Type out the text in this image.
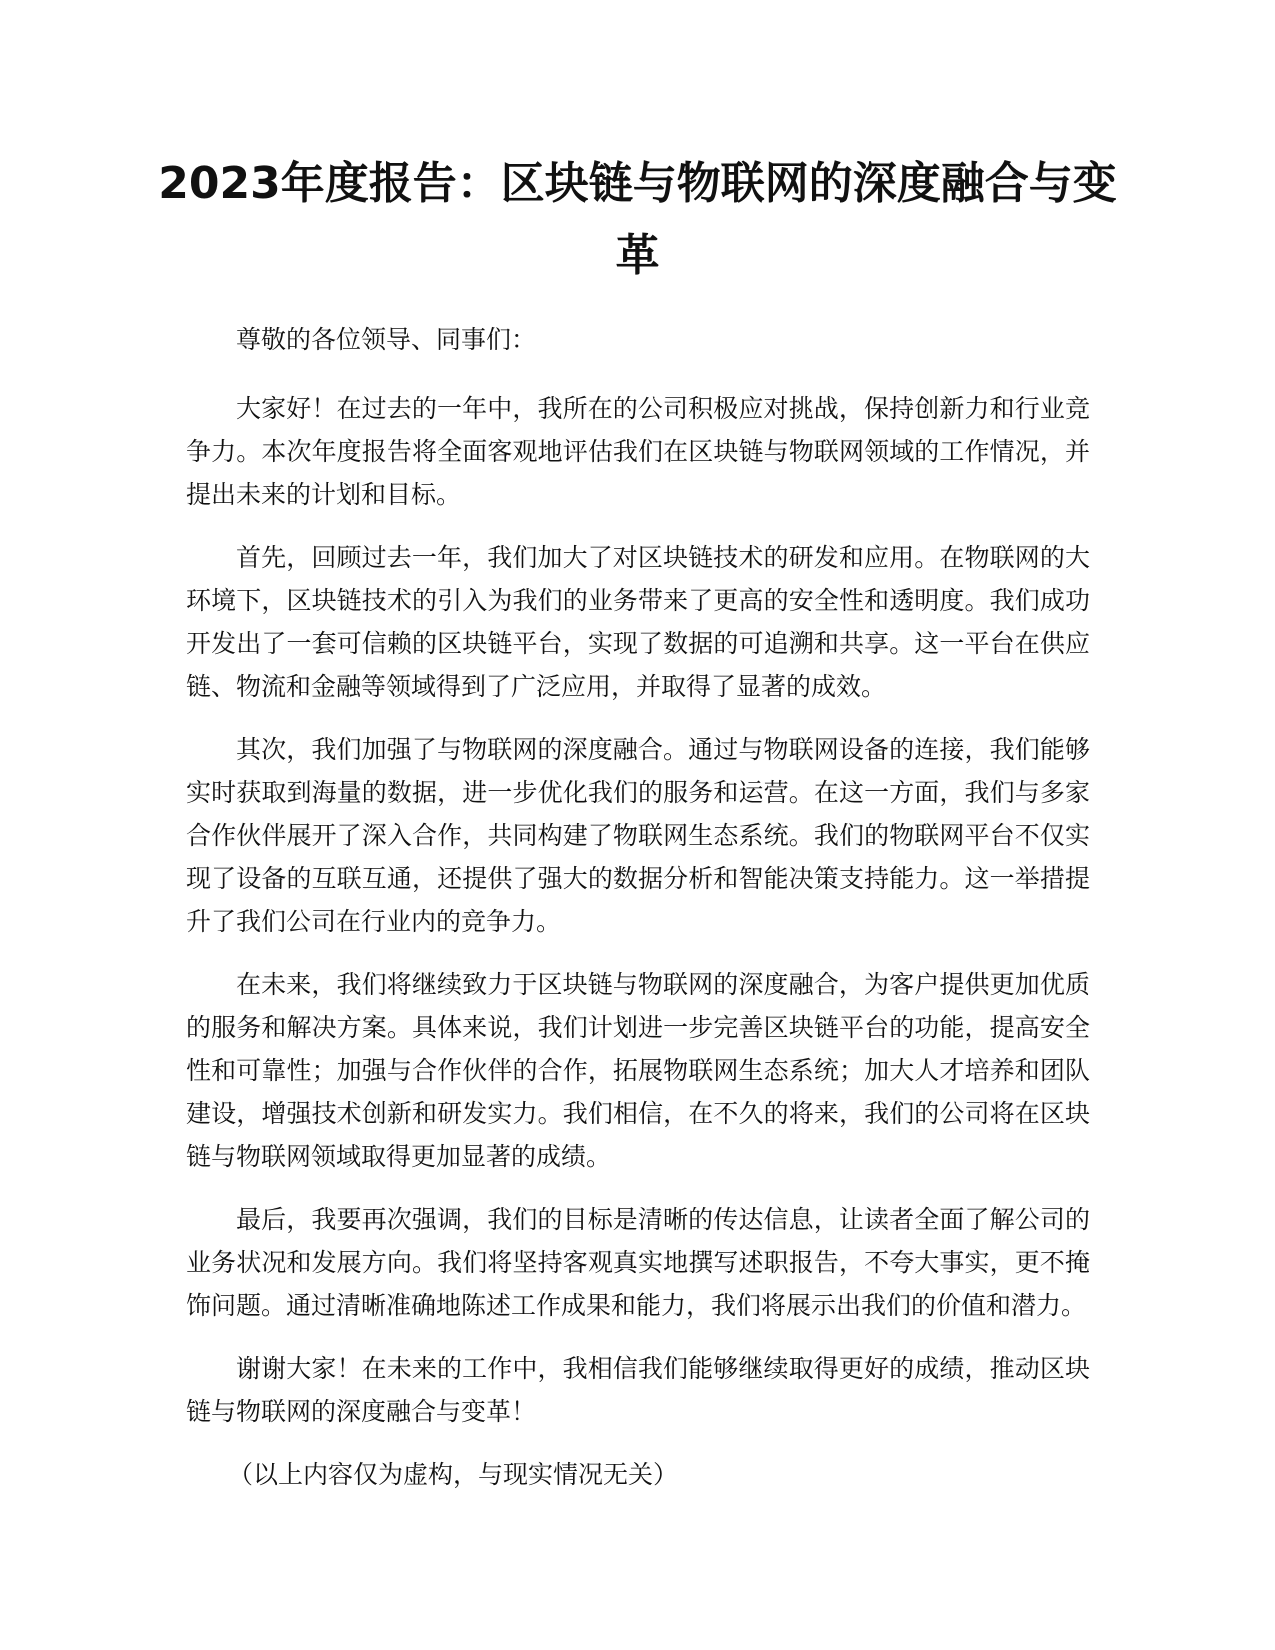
2023年度报告：区块链与物联网的深度融合与变革

尊敬的各位领导、同事们：

大家好！在过去的一年中，我所在的公司积极应对挑战，保持创新力和行业竞争力。本次年度报告将全面客观地评估我们在区块链与物联网领域的工作情况，并提出未来的计划和目标。

首先，回顾过去一年，我们加大了对区块链技术的研发和应用。在物联网的大环境下，区块链技术的引入为我们的业务带来了更高的安全性和透明度。我们成功开发出了一套可信赖的区块链平台，实现了数据的可追溯和共享。这一平台在供应链、物流和金融等领域得到了广泛应用，并取得了显著的成效。

其次，我们加强了与物联网的深度融合。通过与物联网设备的连接，我们能够实时获取到海量的数据，进一步优化我们的服务和运营。在这一方面，我们与多家合作伙伴展开了深入合作，共同构建了物联网生态系统。我们的物联网平台不仅实现了设备的互联互通，还提供了强大的数据分析和智能决策支持能力。这一举措提升了我们公司在行业内的竞争力。

在未来，我们将继续致力于区块链与物联网的深度融合，为客户提供更加优质的服务和解决方案。具体来说，我们计划进一步完善区块链平台的功能，提高安全性和可靠性；加强与合作伙伴的合作，拓展物联网生态系统；加大人才培养和团队建设，增强技术创新和研发实力。我们相信，在不久的将来，我们的公司将在区块链与物联网领域取得更加显著的成绩。

最后，我要再次强调，我们的目标是清晰的传达信息，让读者全面了解公司的业务状况和发展方向。我们将坚持客观真实地撰写述职报告，不夸大事实，更不掩饰问题。通过清晰准确地陈述工作成果和能力，我们将展示出我们的价值和潜力。

谢谢大家！在未来的工作中，我相信我们能够继续取得更好的成绩，推动区块链与物联网的深度融合与变革！

（以上内容仅为虚构，与现实情况无关）
